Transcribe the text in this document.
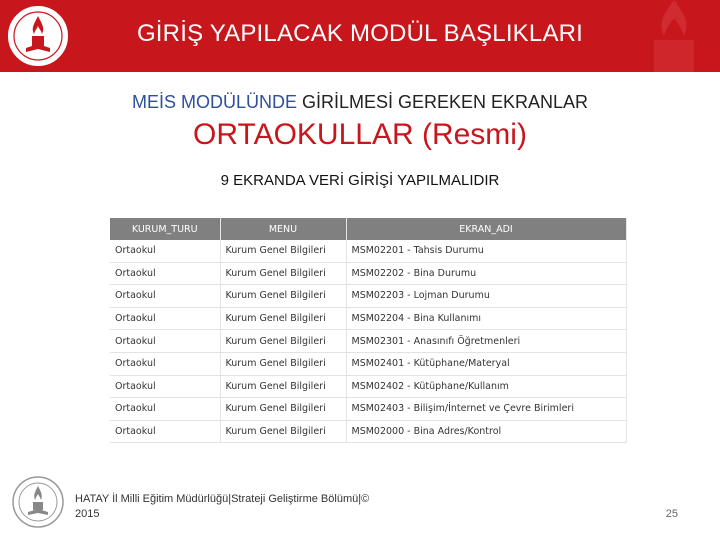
GİRİŞ YAPILACAK MODÜL BAŞLIKLARI
MEİS MODÜLÜNDE GİRİLMESİ GEREKEN EKRANLAR
ORTAOKULLAR (Resmi)
9 EKRANDA VERİ GİRİŞİ YAPILMALIDIR
KURUM_TURU	MENU	EKRAN_ADI
Ortaokul	Kurum Genel Bilgileri	MSM02201 - Tahsis Durumu
Ortaokul	Kurum Genel Bilgileri	MSM02202 - Bina Durumu
Ortaokul	Kurum Genel Bilgileri	MSM02203 - Lojman Durumu
Ortaokul	Kurum Genel Bilgileri	MSM02204 - Bina Kullanımı
Ortaokul	Kurum Genel Bilgileri	MSM02301 - Anasınıfı Öğretmenleri
Ortaokul	Kurum Genel Bilgileri	MSM02401 - Kütüphane/Materyal
Ortaokul	Kurum Genel Bilgileri	MSM02402 - Kütüphane/Kullanım
Ortaokul	Kurum Genel Bilgileri	MSM02403 - Bilişim/İnternet ve Çevre Birimleri
Ortaokul	Kurum Genel Bilgileri	MSM02000 - Bina Adres/Kontrol
HATAY İl Milli Eğitim Müdürlüğü|Strateji Geliştirme Bölümü|©
2015	25
